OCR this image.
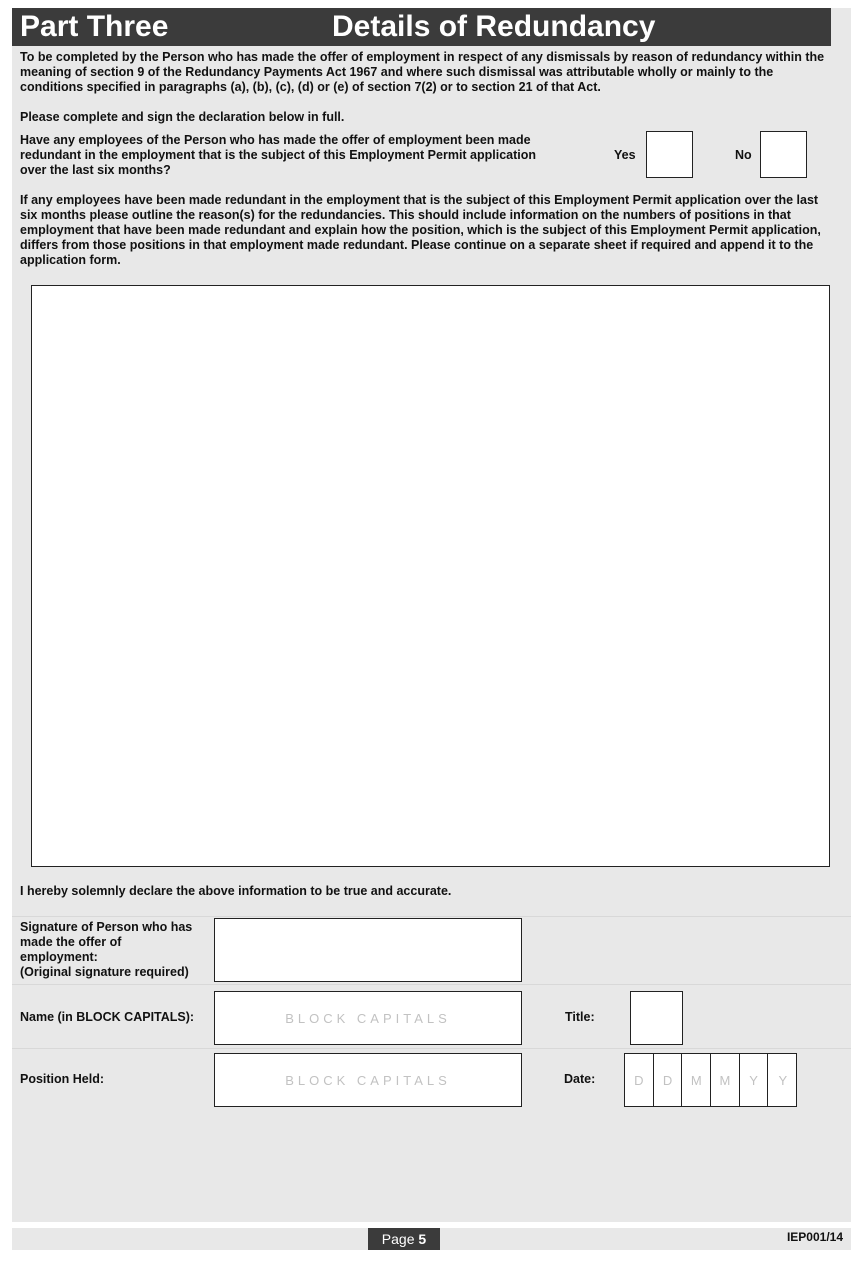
Part Three	Details of Redundancy
To be completed by the Person who has made the offer of employment in respect of any dismissals by reason of redundancy within the meaning of section 9 of the Redundancy Payments Act 1967 and where such dismissal was attributable wholly or mainly to the conditions specified in paragraphs (a), (b), (c), (d) or (e) of section 7(2) or to section 21 of that Act.
Please complete and sign the declaration below in full.
Have any employees of the Person who has made the offer of employment been made redundant in the employment that is the subject of this Employment Permit application over the last six months?
Yes	No
If any employees have been made redundant in the employment that is the subject of this Employment Permit application over the last six months please outline the reason(s) for the redundancies. This should include information on the numbers of positions in that employment that have been made redundant and explain how the position, which is the subject of this Employment Permit application, differs from those positions in that employment made redundant. Please continue on a separate sheet if required and append it to the application form.
I hereby solemnly declare the above information to be true and accurate.
Signature of Person who has
made the offer of
employment:
(Original signature required)
Name (in BLOCK CAPITALS):	BLOCK CAPITALS	Title:
Position Held:	BLOCK CAPITALS	Date:	D	D	M	M	Y	Y
Page 5	IEP001/14
